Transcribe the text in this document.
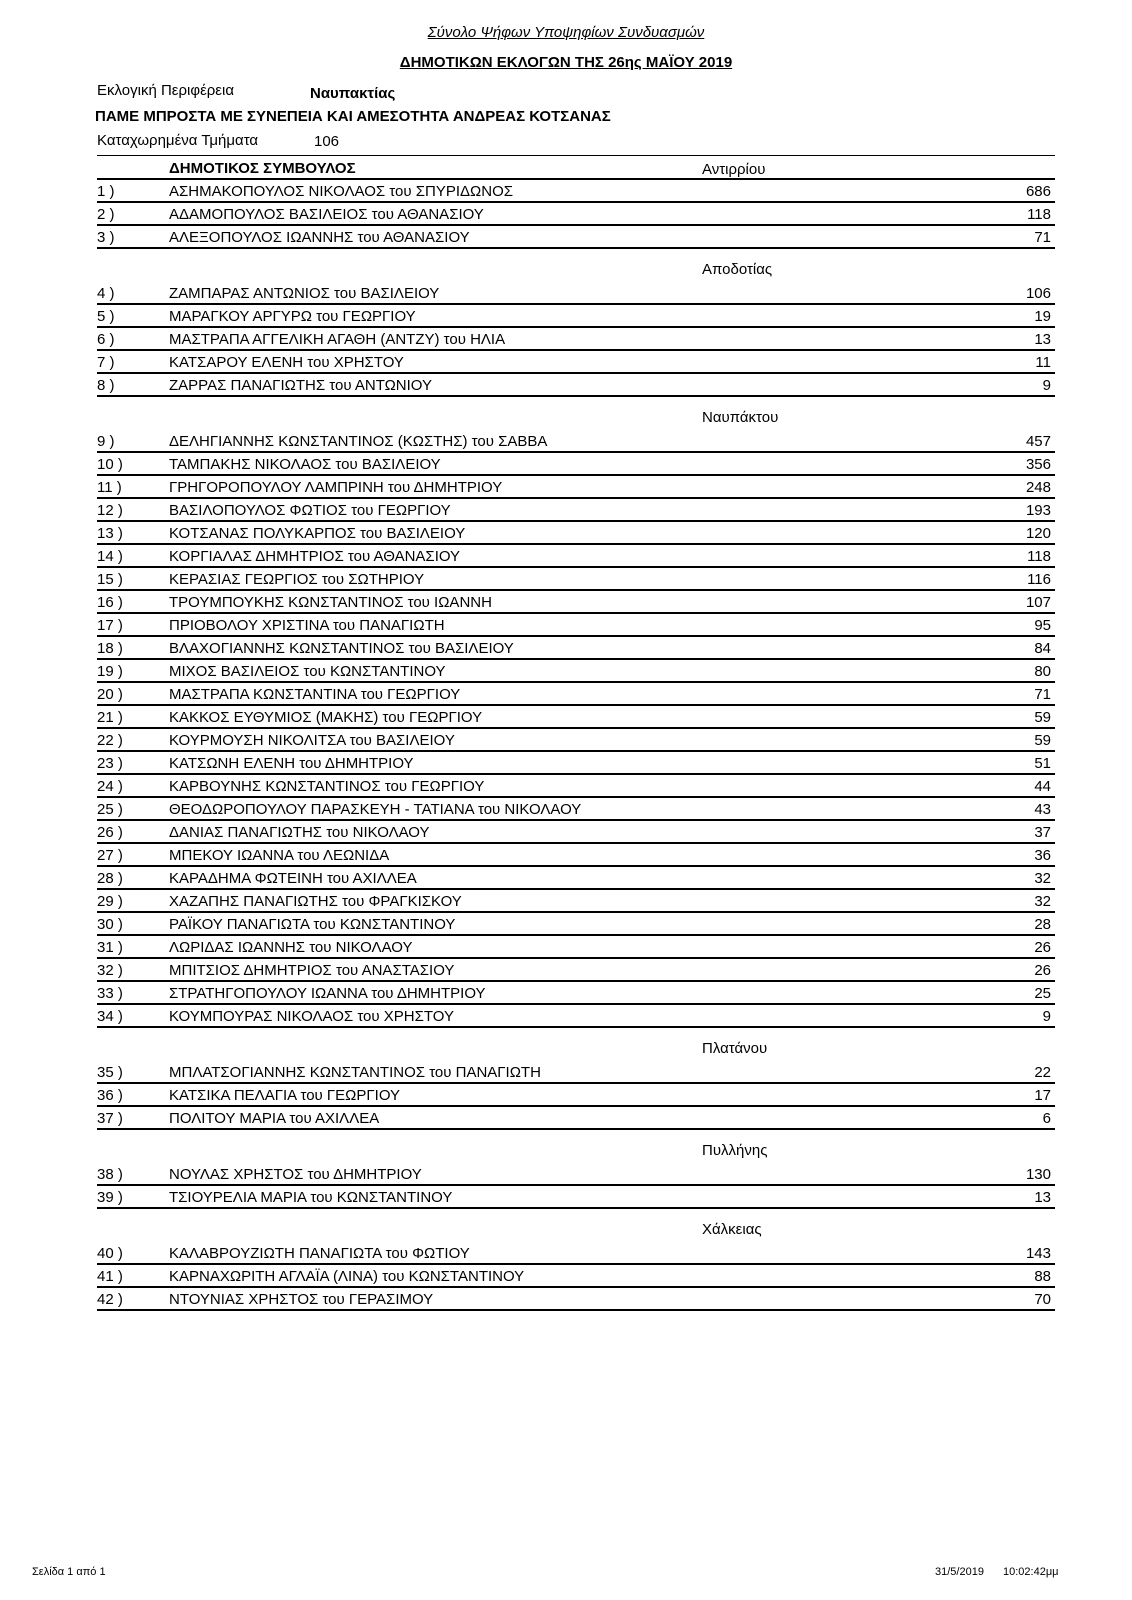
Σύνολο Ψήφων Υποψηφίων Συνδυασμών
ΔΗΜΟΤΙΚΩΝ ΕΚΛΟΓΩΝ ΤΗΣ 26ης ΜΑΪΟΥ 2019
Εκλογική Περιφέρεια	Ναυπακτίας
ΠΑΜΕ ΜΠΡΟΣΤΑ ΜΕ ΣΥΝΕΠΕΙΑ ΚΑΙ ΑΜΕΣΟΤΗΤΑ ΑΝΔΡΕΑΣ ΚΟΤΣΑΝΑΣ
Καταχωρημένα Τμήματα	106
ΔΗΜΟΤΙΚΟΣ ΣΥΜΒΟΥΛΟΣ	Αντιρρίου
1 )	ΑΣΗΜΑΚΟΠΟΥΛΟΣ ΝΙΚΟΛΑΟΣ του ΣΠΥΡΙΔΩΝΟΣ	686
2 )	ΑΔΑΜΟΠΟΥΛΟΣ ΒΑΣΙΛΕΙΟΣ του ΑΘΑΝΑΣΙΟΥ	118
3 )	ΑΛΕΞΟΠΟΥΛΟΣ ΙΩΑΝΝΗΣ του ΑΘΑΝΑΣΙΟΥ	71
Αποδοτίας
4 )	ΖΑΜΠΑΡΑΣ ΑΝΤΩΝΙΟΣ του ΒΑΣΙΛΕΙΟΥ	106
5 )	ΜΑΡΑΓΚΟΥ ΑΡΓΥΡΩ του ΓΕΩΡΓΙΟΥ	19
6 )	ΜΑΣΤΡΑΠΑ ΑΓΓΕΛΙΚΗ ΑΓΑΘΗ (ΑΝΤΖΥ) του ΗΛΙΑ	13
7 )	ΚΑΤΣΑΡΟΥ ΕΛΕΝΗ του ΧΡΗΣΤΟΥ	11
8 )	ΖΑΡΡΑΣ ΠΑΝΑΓΙΩΤΗΣ του ΑΝΤΩΝΙΟΥ	9
Ναυπάκτου
9 )	ΔΕΛΗΓΙΑΝΝΗΣ ΚΩΝΣΤΑΝΤΙΝΟΣ (ΚΩΣΤΗΣ) του ΣΑΒΒΑ	457
10 )	ΤΑΜΠΑΚΗΣ ΝΙΚΟΛΑΟΣ του ΒΑΣΙΛΕΙΟΥ	356
11 )	ΓΡΗΓΟΡΟΠΟΥΛΟΥ ΛΑΜΠΡΙΝΗ του ΔΗΜΗΤΡΙΟΥ	248
12 )	ΒΑΣΙΛΟΠΟΥΛΟΣ ΦΩΤΙΟΣ του ΓΕΩΡΓΙΟΥ	193
13 )	ΚΟΤΣΑΝΑΣ ΠΟΛΥΚΑΡΠΟΣ του ΒΑΣΙΛΕΙΟΥ	120
14 )	ΚΟΡΓΙΑΛΑΣ ΔΗΜΗΤΡΙΟΣ του ΑΘΑΝΑΣΙΟΥ	118
15 )	ΚΕΡΑΣΙΑΣ ΓΕΩΡΓΙΟΣ του ΣΩΤΗΡΙΟΥ	116
16 )	ΤΡΟΥΜΠΟΥΚΗΣ ΚΩΝΣΤΑΝΤΙΝΟΣ του ΙΩΑΝΝΗ	107
17 )	ΠΡΙΟΒΟΛΟΥ ΧΡΙΣΤΙΝΑ του ΠΑΝΑΓΙΩΤΗ	95
18 )	ΒΛΑΧΟΓΙΑΝΝΗΣ ΚΩΝΣΤΑΝΤΙΝΟΣ του ΒΑΣΙΛΕΙΟΥ	84
19 )	ΜΙΧΟΣ ΒΑΣΙΛΕΙΟΣ του ΚΩΝΣΤΑΝΤΙΝΟΥ	80
20 )	ΜΑΣΤΡΑΠΑ ΚΩΝΣΤΑΝΤΙΝΑ του ΓΕΩΡΓΙΟΥ	71
21 )	ΚΑΚΚΟΣ ΕΥΘΥΜΙΟΣ (ΜΑΚΗΣ) του ΓΕΩΡΓΙΟΥ	59
22 )	ΚΟΥΡΜΟΥΣΗ ΝΙΚΟΛΙΤΣΑ του ΒΑΣΙΛΕΙΟΥ	59
23 )	ΚΑΤΣΩΝΗ ΕΛΕΝΗ του ΔΗΜΗΤΡΙΟΥ	51
24 )	ΚΑΡΒΟΥΝΗΣ ΚΩΝΣΤΑΝΤΙΝΟΣ του ΓΕΩΡΓΙΟΥ	44
25 )	ΘΕΟΔΩΡΟΠΟΥΛΟΥ ΠΑΡΑΣΚΕΥΗ - ΤΑΤΙΑΝΑ του ΝΙΚΟΛΑΟΥ	43
26 )	ΔΑΝΙΑΣ ΠΑΝΑΓΙΩΤΗΣ του ΝΙΚΟΛΑΟΥ	37
27 )	ΜΠΕΚΟΥ ΙΩΑΝΝΑ του ΛΕΩΝΙΔΑ	36
28 )	ΚΑΡΑΔΗΜΑ ΦΩΤΕΙΝΗ του ΑΧΙΛΛΕΑ	32
29 )	ΧΑΖΑΠΗΣ ΠΑΝΑΓΙΩΤΗΣ του ΦΡΑΓΚΙΣΚΟΥ	32
30 )	ΡΑΪΚΟΥ ΠΑΝΑΓΙΩΤΑ του ΚΩΝΣΤΑΝΤΙΝΟΥ	28
31 )	ΛΩΡΙΔΑΣ ΙΩΑΝΝΗΣ του ΝΙΚΟΛΑΟΥ	26
32 )	ΜΠΙΤΣΙΟΣ ΔΗΜΗΤΡΙΟΣ του ΑΝΑΣΤΑΣΙΟΥ	26
33 )	ΣΤΡΑΤΗΓΟΠΟΥΛΟΥ ΙΩΑΝΝΑ του ΔΗΜΗΤΡΙΟΥ	25
34 )	ΚΟΥΜΠΟΥΡΑΣ ΝΙΚΟΛΑΟΣ του ΧΡΗΣΤΟΥ	9
Πλατάνου
35 )	ΜΠΛΑΤΣΟΓΙΑΝΝΗΣ ΚΩΝΣΤΑΝΤΙΝΟΣ του ΠΑΝΑΓΙΩΤΗ	22
36 )	ΚΑΤΣΙΚΑ ΠΕΛΑΓΙΑ του ΓΕΩΡΓΙΟΥ	17
37 )	ΠΟΛΙΤΟΥ ΜΑΡΙΑ του ΑΧΙΛΛΕΑ	6
Πυλλήνης
38 )	ΝΟΥΛΑΣ ΧΡΗΣΤΟΣ του ΔΗΜΗΤΡΙΟΥ	130
39 )	ΤΣΙΟΥΡΕΛΙΑ ΜΑΡΙΑ του ΚΩΝΣΤΑΝΤΙΝΟΥ	13
Χάλκειας
40 )	ΚΑΛΑΒΡΟΥΖΙΩΤΗ ΠΑΝΑΓΙΩΤΑ του ΦΩΤΙΟΥ	143
41 )	ΚΑΡΝΑΧΩΡΙΤΗ ΑΓΛΑΪΑ (ΛΙΝΑ) του ΚΩΝΣΤΑΝΤΙΝΟΥ	88
42 )	ΝΤΟΥΝΙΑΣ ΧΡΗΣΤΟΣ του ΓΕΡΑΣΙΜΟΥ	70
Σελίδα 1 από 1	31/5/2019 10:02:42μμ
